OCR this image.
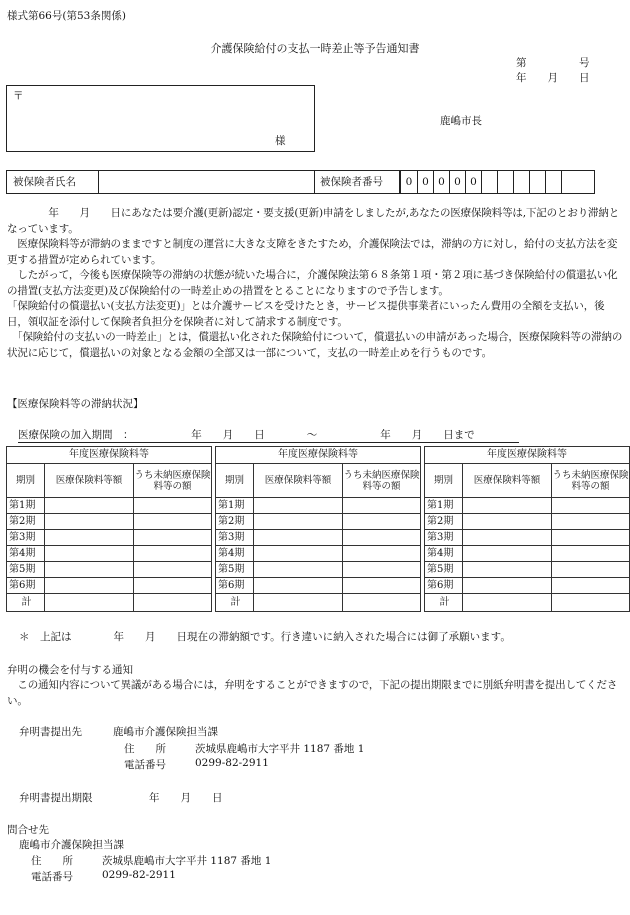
様式第66号(第53条関係)
介護保険給付の支払一時差止等予告通知書
第　　　　　号
年　　月　　日
〒
様
鹿嶋市長
被保険者氏名	被保険者番号	0 0 0 0 0

　　　　年　　月　　日にあなたは要介護(更新)認定・要支援(更新)申請をしましたが,あなたの医療保険料等は,下記のとおり滞納となっています。

　医療保険料等が滞納のままですと制度の運営に大きな支障をきたすため，介護保険法では，滞納の方に対し，給付の支払方法を変更する措置が定められています。

　したがって，今後も医療保険等の滞納の状態が続いた場合に，介護保険法第６８条第１項・第２項に基づき保険給付の償還払い化の措置(支払方法変更)及び保険給付の一時差止めの措置をとることになりますので予告します。

「保険給付の償還払い(支払方法変更)」とは介護サービスを受けたとき，サービス提供事業者にいったん費用の全額を支払い，後日，領収証を添付して保険者負担分を保険者に対して請求する制度です。

　「保険給付の支払いの一時差止」とは，償還払い化された保険給付について，償還払いの申請があった場合，医療保険料等の滞納の状況に応じて，償還払いの対象となる金額の全部又は一部について，支払の一時差止めを行うものです。

【医療保険料等の滞納状況】
医療保険の加入期間　：　　　　　　年　　月　　日　　　　～　　　　　　年　　月　　日まで
年度医療保険料等		
期別	医療保険料等額	うち未納医療保険料等の額
第1期		
第2期		
第3期		
第4期		
第5期		
第6期		
計		
年度医療保険料等		
期別	医療保険料等額	うち未納医療保険料等の額
第1期		
第2期		
第3期		
第4期		
第5期		
第6期		
計		
年度医療保険料等		
期別	医療保険料等額	うち未納医療保険料等の額
第1期		
第2期		
第3期		
第4期		
第5期		
第6期		
計		
＊　上記は　　　　年　　月　　日現在の滞納額です。行き違いに納入された場合には御了承願います。
弁明の機会を付与する通知

　この通知内容について異議がある場合には，弁明をすることができますので，下記の提出期限までに別紙弁明書を提出してください。

弁明書提出先	鹿嶋市介護保険担当課
住　　所	茨城県鹿嶋市大字平井 1187 番地 1
電話番号	0299-82-2911
弁明書提出期限	年　　月　　日
問合せ先
鹿嶋市介護保険担当課
住　　所	茨城県鹿嶋市大字平井 1187 番地 1
電話番号	0299-82-2911
